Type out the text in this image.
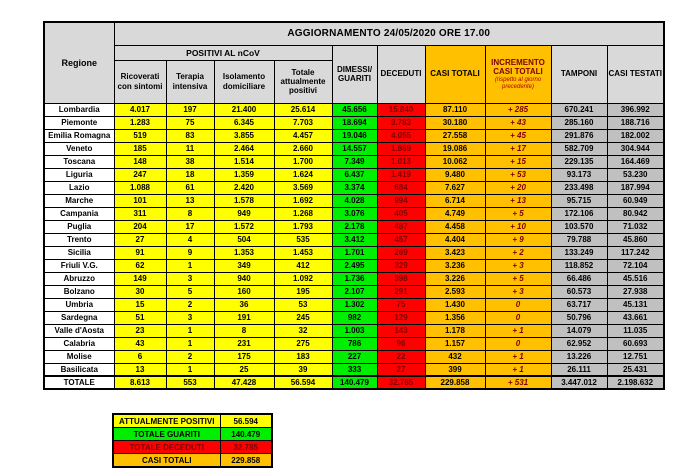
Regione	AGGIORNAMENTO 24/05/2020 ORE 17.00									
	POSITIVI AL nCoV				DIMESSI/ GUARITI	DECEDUTI	CASI TOTALI	INCREMENTO CASI TOTALI
(rispetto al giorno precedente)	TAMPONI	CASI TESTATI
	Ricoverati con sintomi	Terapia intensiva	Isolamento domiciliare	Totale attualmente positivi						
Lombardia	4.017	197	21.400	25.614	45.656	15.840	87.110	+ 285	670.241	396.992
Piemonte	1.283	75	6.345	7.703	18.694	3.783	30.180	+ 43	285.160	188.716
Emilia Romagna	519	83	3.855	4.457	19.046	4.055	27.558	+ 45	291.876	182.002
Veneto	185	11	2.464	2.660	14.557	1.869	19.086	+ 17	582.709	304.944
Toscana	148	38	1.514	1.700	7.349	1.013	10.062	+ 15	229.135	164.469
Liguria	247	18	1.359	1.624	6.437	1.419	9.480	+ 53	93.173	53.230
Lazio	1.088	61	2.420	3.569	3.374	684	7.627	+ 20	233.498	187.994
Marche	101	13	1.578	1.692	4.028	994	6.714	+ 13	95.715	60.949
Campania	311	8	949	1.268	3.076	405	4.749	+ 5	172.106	80.942
Puglia	204	17	1.572	1.793	2.178	487	4.458	+ 10	103.570	71.032
Trento	27	4	504	535	3.412	457	4.404	+ 9	79.788	45.860
Sicilia	91	9	1.353	1.453	1.701	269	3.423	+ 2	133.249	117.242
Friuli V.G.	62	1	349	412	2.495	329	3.236	+ 3	118.852	72.104
Abruzzo	149	3	940	1.092	1.736	398	3.226	+ 5	66.486	45.516
Bolzano	30	5	160	195	2.107	291	2.593	+ 3	60.573	27.938
Umbria	15	2	36	53	1.302	75	1.430	0	63.717	45.131
Sardegna	51	3	191	245	982	129	1.356	0	50.796	43.661
Valle d'Aosta	23	1	8	32	1.003	143	1.178	+ 1	14.079	11.035
Calabria	43	1	231	275	786	96	1.157	0	62.952	60.693
Molise	6	2	175	183	227	22	432	+ 1	13.226	12.751
Basilicata	13	1	25	39	333	27	399	+ 1	26.111	25.431
TOTALE	8.613	553	47.428	56.594	140.479	32.785	229.858	+ 531	3.447.012	2.198.632
ATTUALMENTE POSITIVI	56.594
TOTALE GUARITI	140.479
TOTALE DECEDUTI	32.785
CASI TOTALI	229.858
